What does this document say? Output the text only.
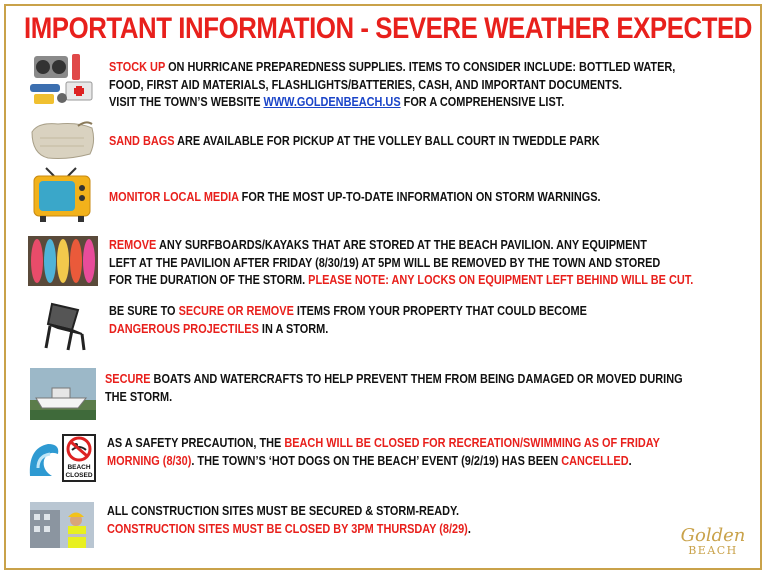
IMPORTANT INFORMATION - SEVERE WEATHER EXPECTED
STOCK UP ON HURRICANE PREPAREDNESS SUPPLIES. ITEMS TO CONSIDER INCLUDE: BOTTLED WATER,
FOOD, FIRST AID MATERIALS, FLASHLIGHTS/BATTERIES, CASH, AND IMPORTANT DOCUMENTS.
VISIT THE TOWN’S WEBSITE WWW.GOLDENBEACH.US FOR A COMPREHENSIVE LIST.
SAND BAGS ARE AVAILABLE FOR PICKUP AT THE VOLLEY BALL COURT IN TWEDDLE PARK
MONITOR LOCAL MEDIA FOR THE MOST UP-TO-DATE INFORMATION ON STORM WARNINGS.
REMOVE ANY SURFBOARDS/KAYAKS THAT ARE STORED AT THE BEACH PAVILION. ANY EQUIPMENT
LEFT AT THE PAVILION AFTER FRIDAY (8/30/19) AT 5PM WILL BE REMOVED BY THE TOWN AND STORED
FOR THE DURATION OF THE STORM. PLEASE NOTE: ANY LOCKS ON EQUIPMENT LEFT BEHIND WILL BE CUT.
BE SURE TO SECURE OR REMOVE ITEMS FROM YOUR PROPERTY THAT COULD BECOME
DANGEROUS PROJECTILES IN A STORM.
SECURE BOATS AND WATERCRAFTS TO HELP PREVENT THEM FROM BEING DAMAGED OR MOVED DURING
THE STORM.
BEACH
CLOSED
AS A SAFETY PRECAUTION, THE BEACH WILL BE CLOSED FOR RECREATION/SWIMMING AS OF FRIDAY
MORNING (8/30). THE TOWN’S ‘HOT DOGS ON THE BEACH’ EVENT (9/2/19) HAS BEEN CANCELLED.
ALL CONSTRUCTION SITES MUST BE SECURED & STORM-READY.
CONSTRUCTION SITES MUST BE CLOSED BY 3PM THURSDAY (8/29).	Golden
BEACH
